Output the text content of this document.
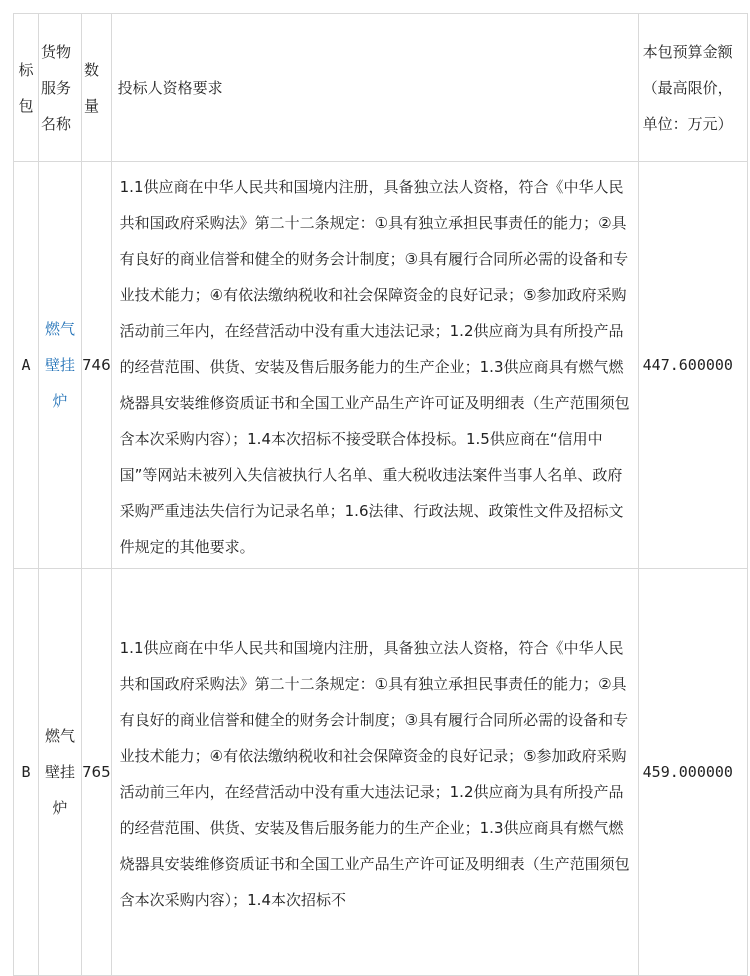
标包	货物服务名称	数量	投标人资格要求	本包预算金额（最高限价，单位：万元）
A	燃气壁挂炉	746	1.1供应商在中华人民共和国境内注册，具备独立法人资格，符合《中华人民共和国政府采购法》第二十二条规定：①具有独立承担民事责任的能力；②具有良好的商业信誉和健全的财务会计制度；③具有履行合同所必需的设备和专业技术能力；④有依法缴纳税收和社会保障资金的良好记录；⑤参加政府采购活动前三年内，在经营活动中没有重大违法记录；1.2供应商为具有所投产品的经营范围、供货、安装及售后服务能力的生产企业；1.3供应商具有燃气燃烧器具安装维修资质证书和全国工业产品生产许可证及明细表（生产范围须包含本次采购内容）；1.4本次招标不接受联合体投标。1.5供应商在“信用中国”等网站未被列入失信被执行人名单、重大税收违法案件当事人名单、政府采购严重违法失信行为记录名单；1.6法律、行政法规、政策性文件及招标文件规定的其他要求。	447.600000
B	燃气壁挂炉	765	1.1供应商在中华人民共和国境内注册，具备独立法人资格，符合《中华人民共和国政府采购法》第二十二条规定：①具有独立承担民事责任的能力；②具有良好的商业信誉和健全的财务会计制度；③具有履行合同所必需的设备和专业技术能力；④有依法缴纳税收和社会保障资金的良好记录；⑤参加政府采购活动前三年内，在经营活动中没有重大违法记录；1.2供应商为具有所投产品的经营范围、供货、安装及售后服务能力的生产企业；1.3供应商具有燃气燃烧器具安装维修资质证书和全国工业产品生产许可证及明细表（生产范围须包含本次采购内容）；1.4本次招标不	459.000000
